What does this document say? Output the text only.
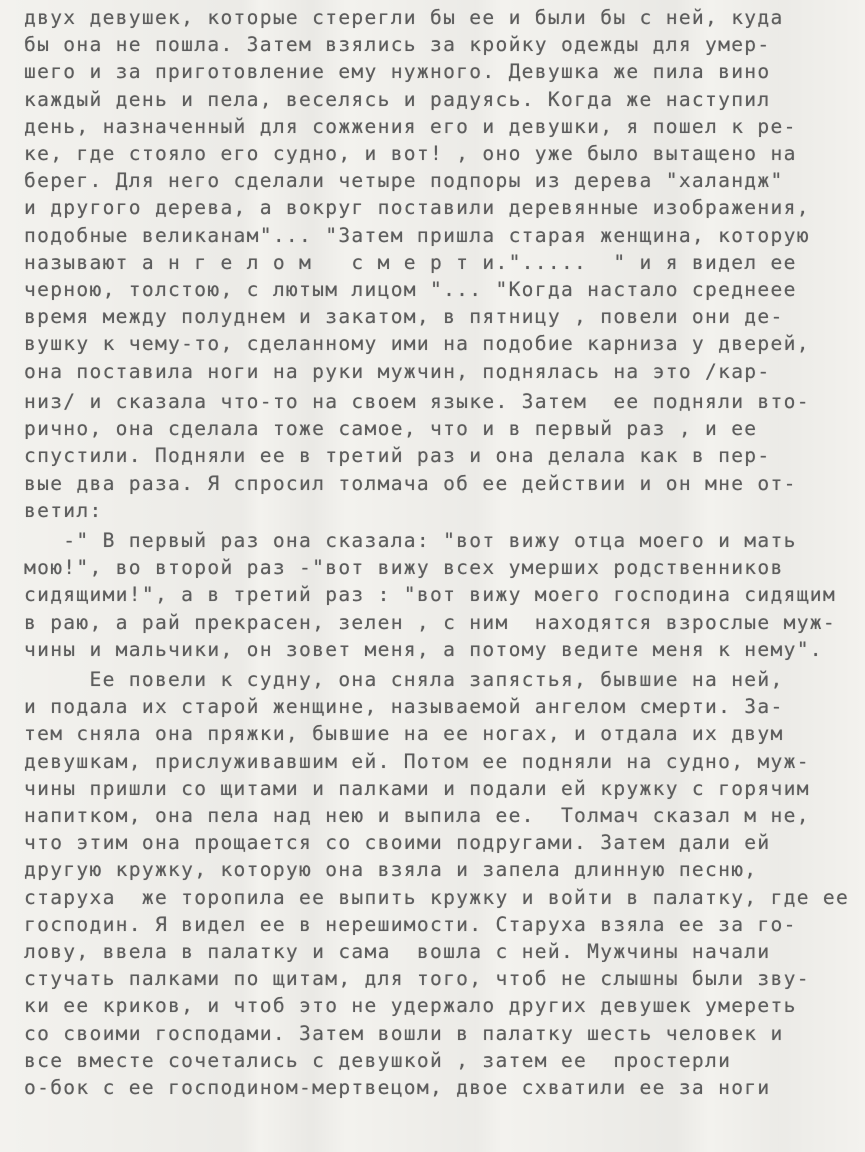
двух девушек, которые стерегли бы ее и были бы с ней, куда
бы она не пошла. Затем взялись за кройку одежды для умер-
шего и за приготовление ему нужного. Девушка же пила вино
каждый день и пела, веселясь и радуясь. Когда же наступил
день, назначенный для сожжения его и девушки, я пошел к ре-
ке, где стояло его судно, и вот! , оно уже было вытащено на
берег. Для него сделали четыре подпоры из дерева "халандж"
и другого дерева, а вокруг поставили деревянные изображения,
подобные великанам"... "Затем пришла старая женщина, которую
называют а н г е л о м   с м е р т и.".....  " и я видел ее
черною, толстою, с лютым лицом "... "Когда настало среднеее
время между полуднем и закатом, в пятницу , повели они де-
вушку к чему-то, сделанному ими на подобие карниза у дверей,
она поставила ноги на руки мужчин, поднялась на это /кар-
низ/ и сказала что-то на своем языке. Затем  ее подняли вто-
рично, она сделала тоже самое, что и в первый раз , и ее
спустили. Подняли ее в третий раз и она делала как в пер-
вые два раза. Я спросил толмача об ее действии и он мне от-
ветил:
-" В первый раз она сказала: "вот вижу отца моего и мать
мою!", во второй раз -"вот вижу всех умерших родственников
сидящими!", а в третий раз : "вот вижу моего господина сидящим
в раю, а рай прекрасен, зелен , с ним  находятся взрослые муж-
чины и мальчики, он зовет меня, а потому ведите меня к нему".
Ее повели к судну, она сняла запястья, бывшие на ней,
и подала их старой женщине, называемой ангелом смерти. За-
тем сняла она пряжки, бывшие на ее ногах, и отдала их двум
девушкам, прислуживавшим ей. Потом ее подняли на судно, муж-
чины пришли со щитами и палками и подали ей кружку с горячим
напитком, она пела над нею и выпила ее.  Толмач сказал м не,
что этим она прощается со своими подругами. Затем дали ей
другую кружку, которую она взяла и запела длинную песню,
старуха  же торопила ее выпить кружку и войти в палатку, где ее
господин. Я видел ее в нерешимости. Старуха взяла ее за го-
лову, ввела в палатку и сама  вошла с ней. Мужчины начали
стучать палками по щитам, для того, чтоб не слышны были зву-
ки ее криков, и чтоб это не удержало других девушек умереть
со своими господами. Затем вошли в палатку шесть человек и
все вместе сочетались с девушкой , затем ее  простерли
о-бок с ее господином-мертвецом, двое схватили ее за ноги
